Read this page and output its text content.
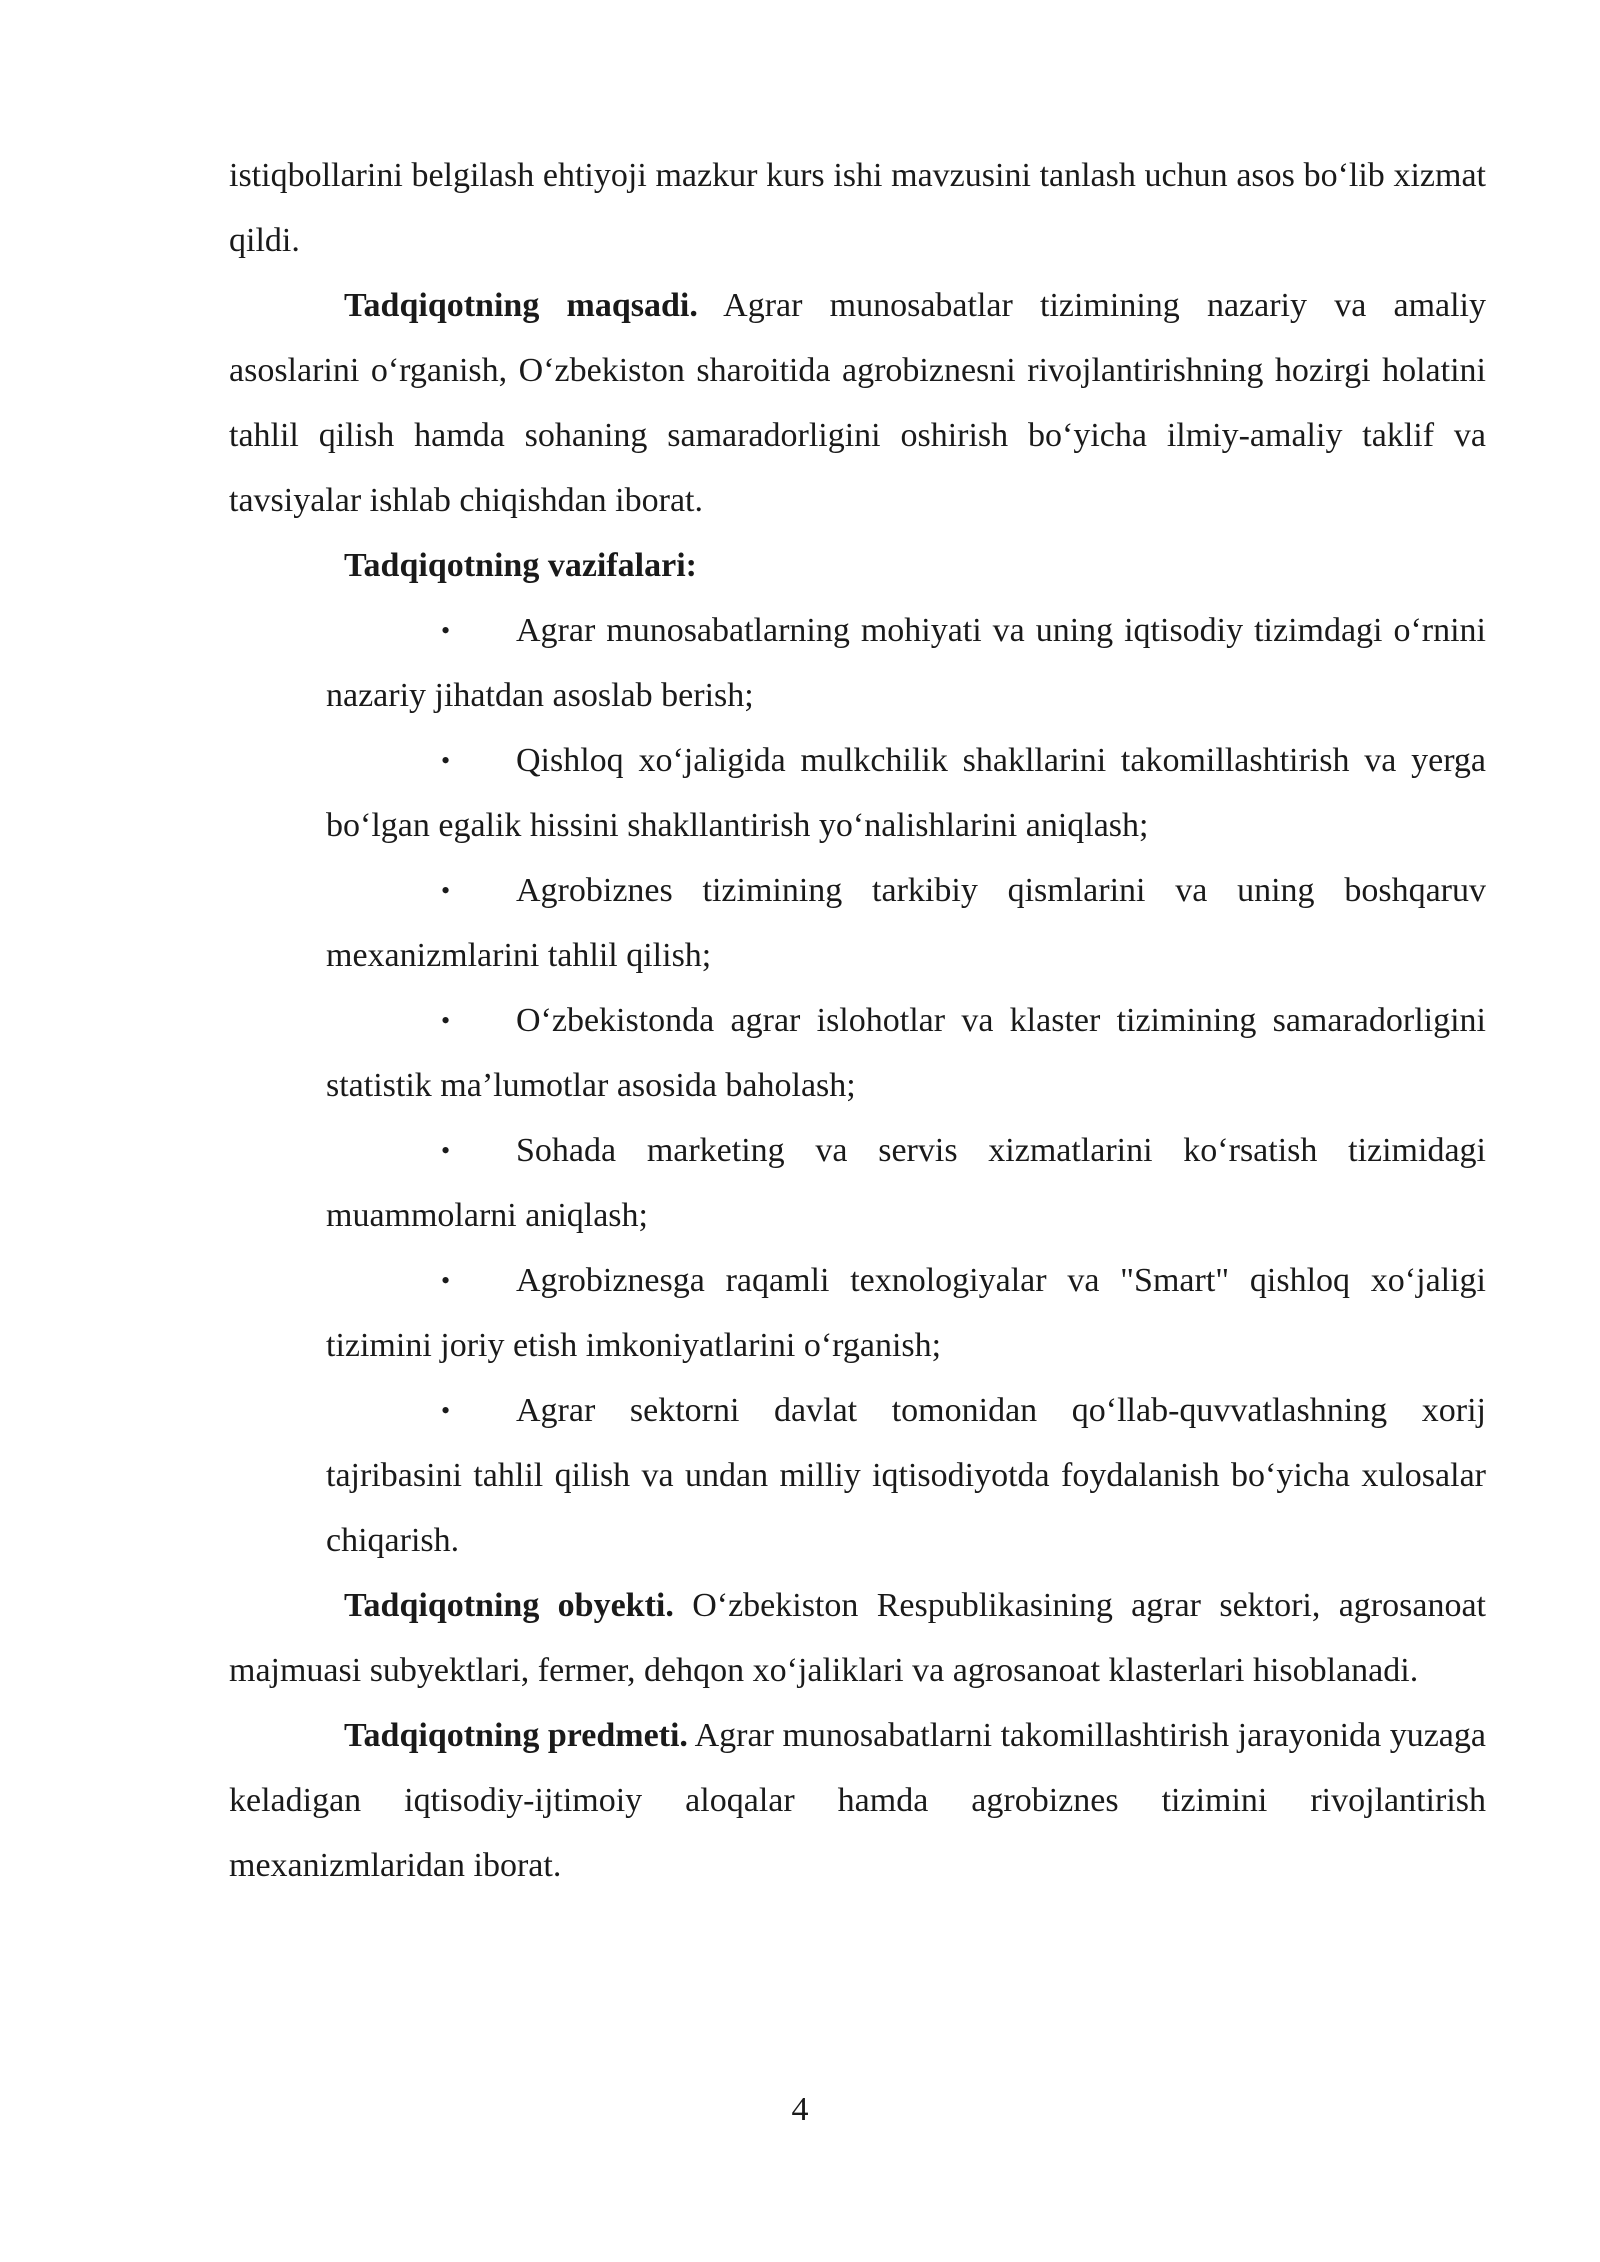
istiqbollarini belgilash ehtiyoji mazkur kurs ishi mavzusini tanlash uchun asos bo‘lib xizmat qildi.

Tadqiqotning maqsadi. Agrar munosabatlar tizimining nazariy va amaliy asoslarini o‘rganish, O‘zbekiston sharoitida agrobiznesni rivojlantirishning hozirgi holatini tahlil qilish hamda sohaning samaradorligini oshirish bo‘yicha ilmiy-amaliy taklif va tavsiyalar ishlab chiqishdan iborat.

Tadqiqotning vazifalari:

• Agrar munosabatlarning mohiyati va uning iqtisodiy tizimdagi o‘rnini nazariy jihatdan asoslab berish;
• Qishloq xo‘jaligida mulkchilik shakllarini takomillashtirish va yerga bo‘lgan egalik hissini shakllantirish yo‘nalishlarini aniqlash;
• Agrobiznes tizimining tarkibiy qismlarini va uning boshqaruv mexanizmlarini tahlil qilish;
• O‘zbekistonda agrar islohotlar va klaster tizimining samaradorligini statistik ma’lumotlar asosida baholash;
• Sohada marketing va servis xizmatlarini ko‘rsatish tizimidagi muammolarni aniqlash;
• Agrobiznesga raqamli texnologiyalar va "Smart" qishloq xo‘jaligi tizimini joriy etish imkoniyatlarini o‘rganish;
• Agrar sektorni davlat tomonidan qo‘llab-quvvatlashning xorij tajribasini tahlil qilish va undan milliy iqtisodiyotda foydalanish bo‘yicha xulosalar chiqarish.

Tadqiqotning obyekti. O‘zbekiston Respublikasining agrar sektori, agrosanoat majmuasi subyektlari, fermer, dehqon xo‘jaliklari va agrosanoat klasterlari hisoblanadi.

Tadqiqotning predmeti. Agrar munosabatlarni takomillashtirish jarayonida yuzaga keladigan iqtisodiy-ijtimoiy aloqalar hamda agrobiznes tizimini rivojlantirish mexanizmlaridan iborat.

4
